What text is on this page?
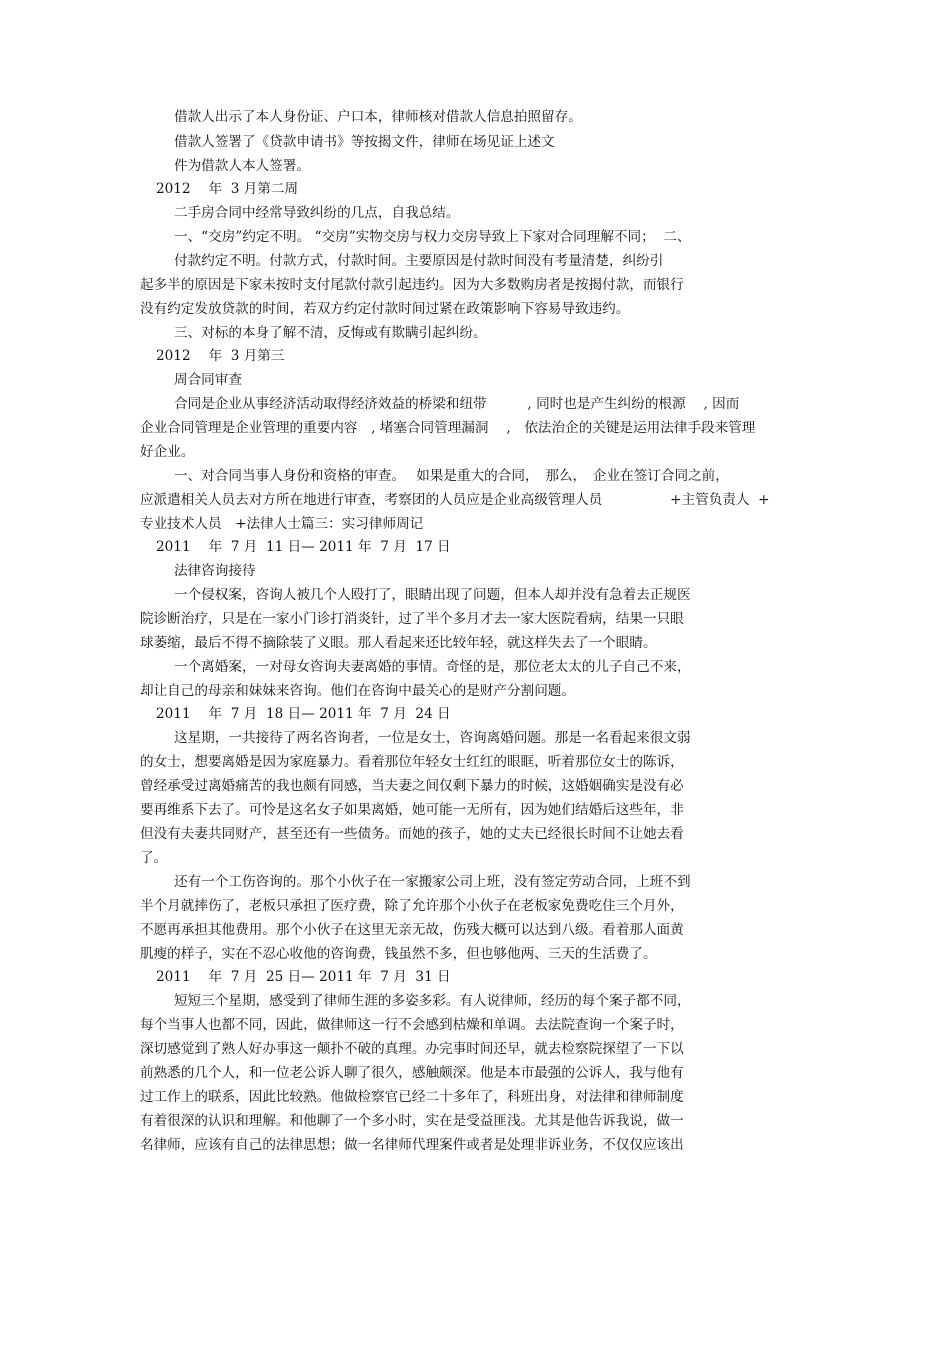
借款人出示了本人身份证、户口本，律师核对借款人信息拍照留存。
借款人签署了《贷款申请书》等按揭文件，律师在场见证上述文
件为借款人本人签署。
2012　 年  3 月第二周
二手房合同中经常导致纠纷的几点，自我总结。
一、“交房”约定不明。 “交房”实物交房与权力交房导致上下家对合同理解不同；  二、
付款约定不明。付款方式，付款时间。主要原因是付款时间没有考量清楚，纠纷引
起多半的原因是下家未按时支付尾款付款引起违约。因为大多数购房者是按揭付款，而银行
没有约定发放贷款的时间，若双方约定付款时间过紧在政策影响下容易导致违约。
三、对标的本身了解不清，反悔或有欺瞒引起纠纷。
2012　 年  3 月第三
周合同审查
合同是企业从事经济活动取得经济效益的桥梁和纽带　　　, 同时也是产生纠纷的根源　 , 因而
企业合同管理是企业管理的重要内容　, 堵塞合同管理漏洞　 ,　依法治企的关键是运用法律手段来管理
好企业。
一、对合同当事人身份和资格的审查。　 如果是重大的合同，　那么，　企业在签订合同之前，
应派遣相关人员去对方所在地进行审查，考察团的人员应是企业高级管理人员　　　　　+主管负责人  +
专业技术人员　+法律人士篇三：实习律师周记
2011　 年  7 月  11 日— 2011 年  7 月  17 日
法律咨询接待
一个侵权案，咨询人被几个人殴打了，眼睛出现了问题，但本人却并没有急着去正规医
院诊断治疗，只是在一家小门诊打消炎针，过了半个多月才去一家大医院看病，结果一只眼
球萎缩，最后不得不摘除装了义眼。那人看起来还比较年轻，就这样失去了一个眼睛。
一个离婚案，一对母女咨询夫妻离婚的事情。奇怪的是，那位老太太的儿子自己不来，
却让自己的母亲和妹妹来咨询。他们在咨询中最关心的是财产分割问题。
2011　 年  7 月  18 日— 2011 年  7 月  24 日
这星期，一共接待了两名咨询者，一位是女士，咨询离婚问题。那是一名看起来很文弱
的女士，想要离婚是因为家庭暴力。看着那位年轻女士红红的眼眶，听着那位女士的陈诉，
曾经承受过离婚痛苦的我也颇有同感，当夫妻之间仅剩下暴力的时候，这婚姻确实是没有必
要再维系下去了。可怜是这名女子如果离婚，她可能一无所有，因为她们结婚后这些年，非
但没有夫妻共同财产，甚至还有一些债务。而她的孩子，她的丈夫已经很长时间不让她去看
了。
还有一个工伤咨询的。那个小伙子在一家搬家公司上班，没有签定劳动合同，上班不到
半个月就摔伤了，老板只承担了医疗费，除了允许那个小伙子在老板家免费吃住三个月外，
不愿再承担其他费用。那个小伙子在这里无亲无故，伤残大概可以达到八级。看着那人面黄
肌瘦的样子，实在不忍心收他的咨询费，钱虽然不多，但也够他两、三天的生活费了。
2011　 年  7 月  25 日— 2011 年  7 月  31 日
短短三个星期，感受到了律师生涯的多姿多彩。有人说律师，经历的每个案子都不同，
每个当事人也都不同，因此，做律师这一行不会感到枯燥和单调。去法院查询一个案子时，
深切感觉到了熟人好办事这一颠扑不破的真理。办完事时间还早，就去检察院探望了一下以
前熟悉的几个人，和一位老公诉人聊了很久，感触颇深。他是本市最强的公诉人，我与他有
过工作上的联系，因此比较熟。他做检察官已经二十多年了，科班出身，对法律和律师制度
有着很深的认识和理解。和他聊了一个多小时，实在是受益匪浅。尤其是他告诉我说，做一
名律师，应该有自己的法律思想；做一名律师代理案件或者是处理非诉业务，不仅仅应该出
